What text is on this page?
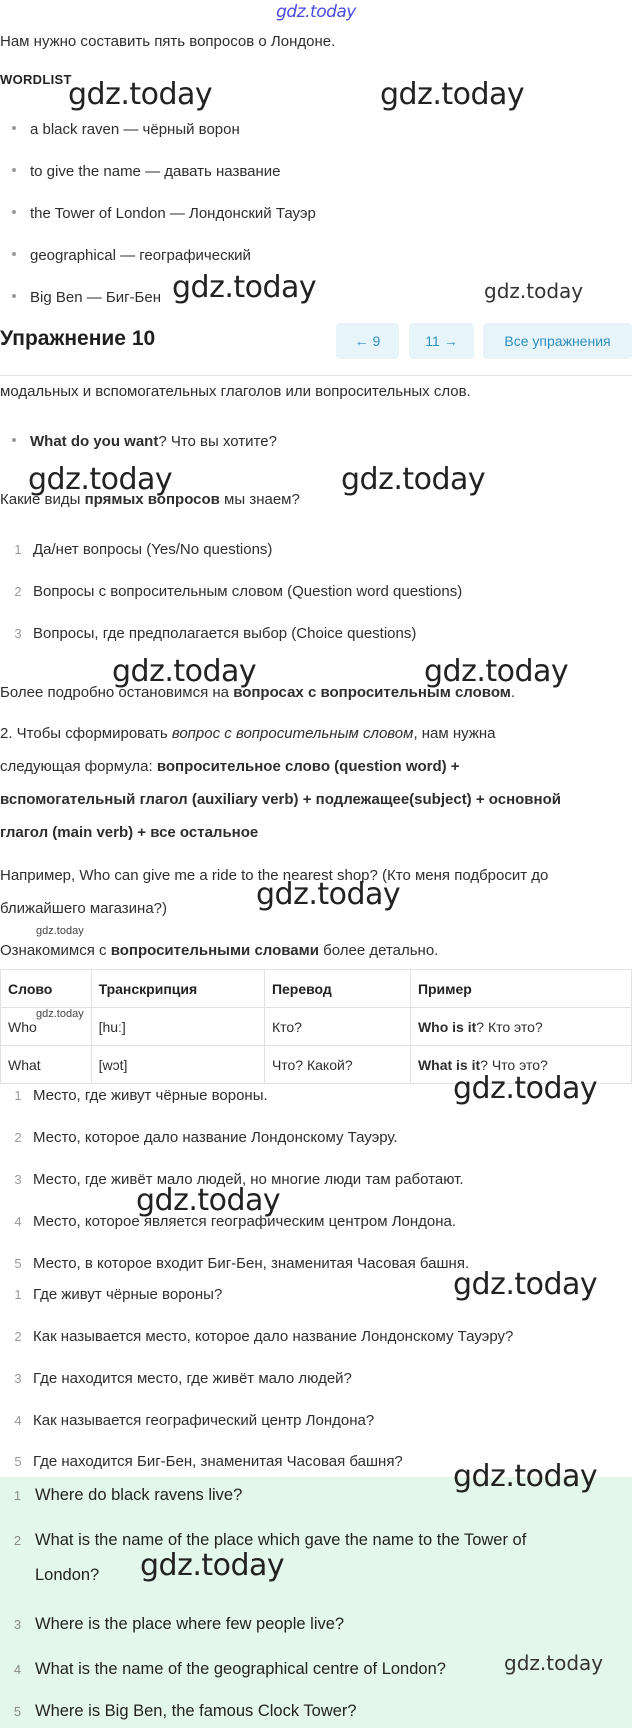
gdz.today
Нам нужно составить пять вопросов о Лондоне.
WORDLIST
a black raven — чёрный ворон
to give the name — давать название
the Tower of London — Лондонский Тауэр
geographical — географический
Big Ben — Биг-Бен
Упражнение 10	← 9	11 →	Все упражнения
модальных и вспомогательных глаголов или вопросительных слов.
What do you want? Что вы хотите?
Какие виды прямых вопросов мы знаем?
1 Да/нет вопросы (Yes/No questions)
2 Вопросы с вопросительным словом (Question word questions)
3 Вопросы, где предполагается выбор (Choice questions)
Более подробно остановимся на вопросах с вопросительным словом.
2. Чтобы сформировать вопрос с вопросительным словом, нам нужна
следующая формула: вопросительное слово (question word) +
вспомогательный глагол (auxiliary verb) + подлежащее(subject) + основной
глагол (main verb) + все остальное
Например, Who can give me a ride to the nearest shop? (Кто меня подбросит до
ближайшего магазина?)
Ознакомимся с вопросительными словами более детально.
Слово	Транскрипция	Перевод	Пример
Who	[huː]	Кто?	Who is it? Кто это?
What	[wɔt]	Что? Какой?	What is it? Что это?
1 Место, где живут чёрные вороны.
2 Место, которое дало название Лондонскому Тауэру.
3 Место, где живёт мало людей, но многие люди там работают.
4 Место, которое является географическим центром Лондона.
5 Место, в которое входит Биг-Бен, знаменитая Часовая башня.
1 Где живут чёрные вороны?
2 Как называется место, которое дало название Лондонскому Тауэру?
3 Где находится место, где живёт мало людей?
4 Как называется географический центр Лондона?
5 Где находится Биг-Бен, знаменитая Часовая башня?
1 Where do black ravens live?
2 What is the name of the place which gave the name to the Tower of
London?
3 Where is the place where few people live?
4 What is the name of the geographical centre of London?
5 Where is Big Ben, the famous Clock Tower?
gdz.today	gdz.today
gdz.today	gdz.today
gdz.today	gdz.today
gdz.today	gdz.today
gdz.today
gdz.today
gdz.today
gdz.today
gdz.today
gdz.today
gdz.today
gdz.today
gdz.today
